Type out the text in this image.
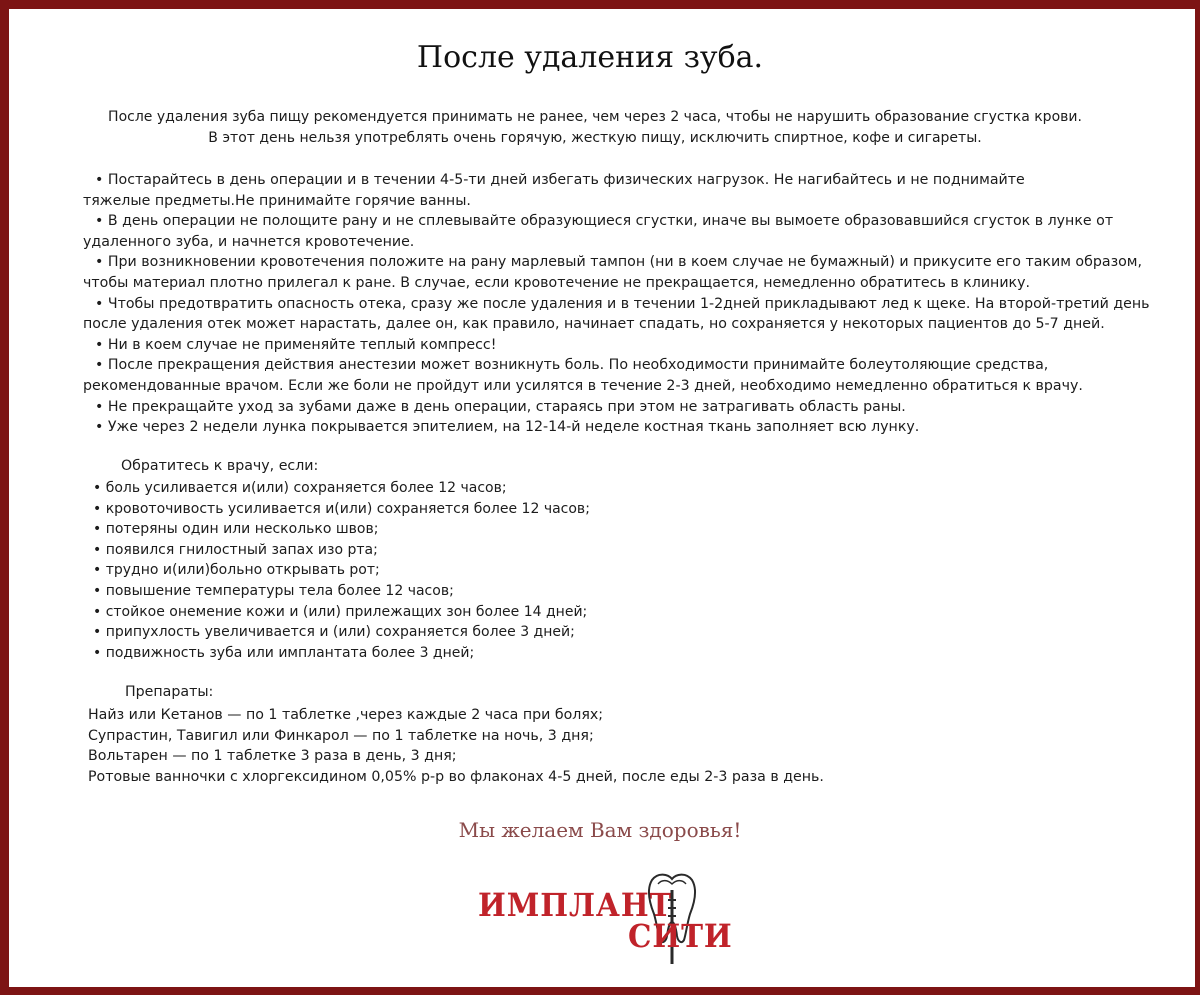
После удаления зуба.
После удаления зуба пищу рекомендуется принимать не ранее, чем через 2 часа, чтобы не нарушить образование сгустка крови.
В этот день нельзя употреблять очень горячую, жесткую пищу, исключить спиртное, кофе и сигареты.
• Постарайтесь в день операции и в течении 4-5-ти дней избегать физических нагрузок. Не нагибайтесь и не поднимайте
тяжелые предметы.Не принимайте горячие ванны.
• В день операции не полощите рану и не сплевывайте образующиеся сгустки, иначе вы вымоете образовавшийся сгусток в лунке от
удаленного зуба, и начнется кровотечение.
• При возникновении кровотечения положите на рану марлевый тампон (ни в коем случае не бумажный) и прикусите его таким образом,
чтобы материал плотно прилегал к ране. В случае, если кровотечение не прекращается, немедленно обратитесь в клинику.
• Чтобы предотвратить опасность отека, сразу же после удаления и в течении 1-2дней прикладывают лед к щеке. На второй-третий день
после удаления отек может нарастать, далее он, как правило, начинает спадать, но сохраняется у некоторых пациентов до 5-7 дней.
• Ни в коем случае не применяйте теплый компресс!
• После прекращения действия анестезии может возникнуть боль. По необходимости принимайте болеутоляющие средства,
рекомендованные врачом. Если же боли не пройдут или усилятся в течение 2-3 дней, необходимо немедленно обратиться к врачу.
• Не прекращайте уход за зубами даже в день операции, стараясь при этом не затрагивать область раны.
• Уже через 2 недели лунка покрывается эпителием, на 12-14-й неделе костная ткань заполняет всю лунку.
Обратитесь к врачу, если:
• боль усиливается и(или) сохраняется более 12 часов;
• кровоточивость усиливается и(или) сохраняется более 12 часов;
• потеряны один или несколько швов;
• появился гнилостный запах изо рта;
• трудно и(или)больно открывать рот;
• повышение температуры тела более 12 часов;
• стойкое онемение кожи и (или) прилежащих зон более 14 дней;
• припухлость увеличивается и (или) сохраняется более 3 дней;
• подвижность зуба или имплантата более 3 дней;
Препараты:
Найз или Кетанов — по 1 таблетке ,через каждые 2 часа при болях;
Супрастин, Тавигил или Финкарол — по 1 таблетке на ночь, 3 дня;
Вольтарен — по 1 таблетке 3 раза в день, 3 дня;
Ротовые ванночки с хлоргексидином 0,05% р-р во флаконах 4-5 дней, после еды 2-3 раза в день.
Мы желаем Вам здоровья!
ИМПЛАНТ
СИТИ
